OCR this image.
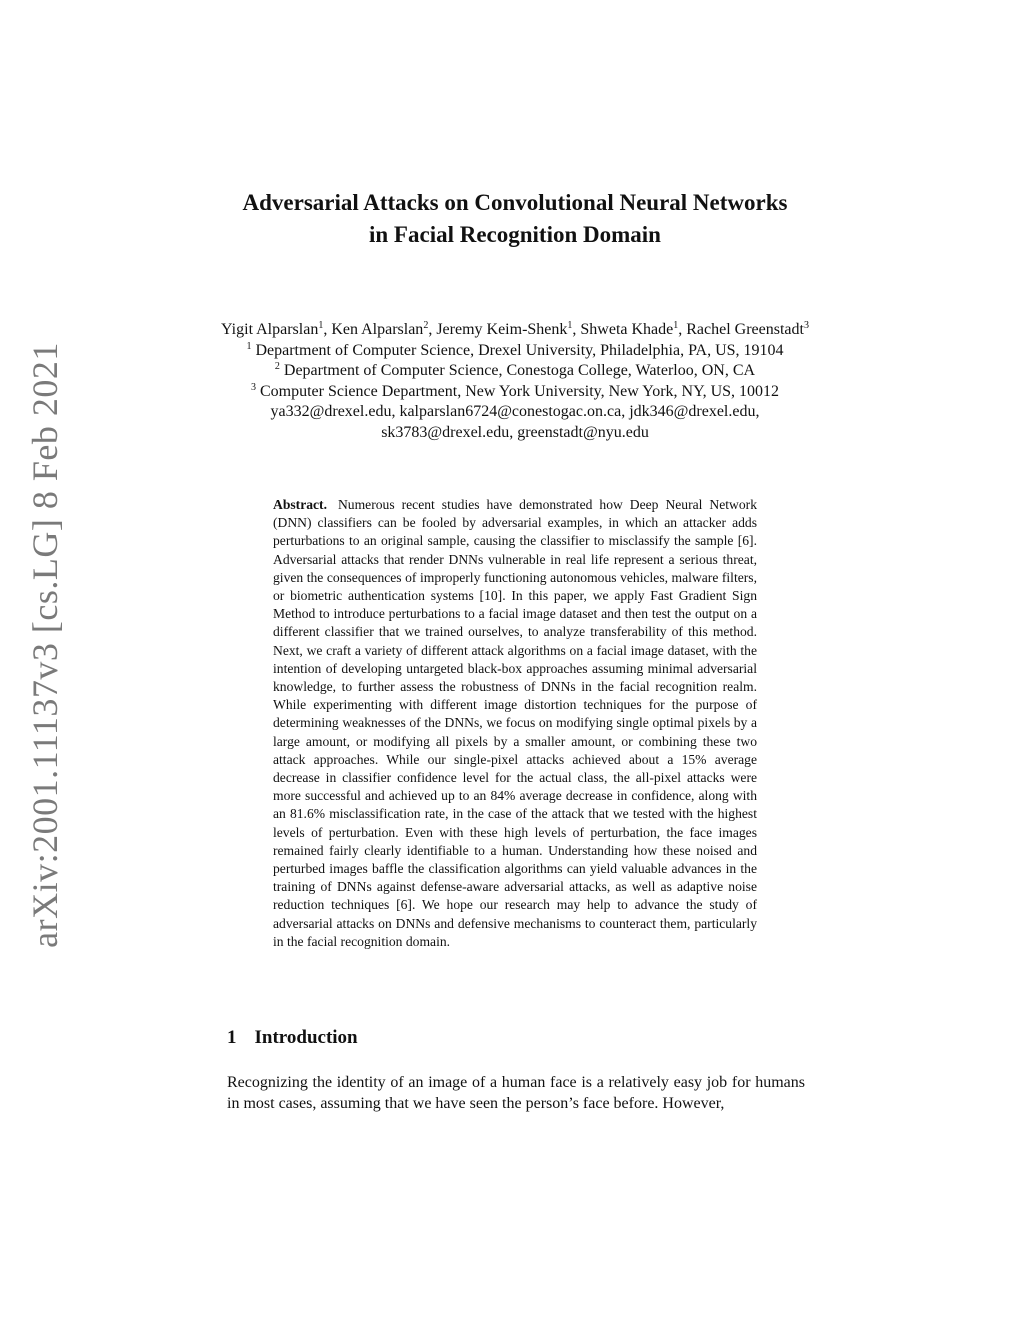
arXiv:2001.11137v3 [cs.LG] 8 Feb 2021
Adversarial Attacks on Convolutional Neural Networks
in Facial Recognition Domain
Yigit Alparslan$^1$, Ken Alparslan$^2$, Jeremy Keim-Shenk$^1$, Shweta Khade$^1$, Rachel Greenstadt$^3$
$^1$ Department of Computer Science, Drexel University, Philadelphia, PA, US, 19104
$^2$ Department of Computer Science, Conestoga College, Waterloo, ON, CA
$^3$ Computer Science Department, New York University, New York, NY, US, 10012
ya332@drexel.edu, kalparslan6724@conestogac.on.ca, jdk346@drexel.edu,
sk3783@drexel.edu, greenstadt@nyu.edu
Abstract. Numerous recent studies have demonstrated how Deep Neural Network (DNN) classifiers can be fooled by adversarial examples, in which an attacker adds perturbations to an original sample, causing the classifier to misclassify the sample [6]. Adversarial attacks that render DNNs vulnerable in real life represent a serious threat, given the consequences of improperly functioning autonomous vehicles, malware filters, or biometric authentication systems [10]. In this paper, we apply Fast Gradient Sign Method to introduce perturbations to a facial image dataset and then test the output on a different classifier that we trained ourselves, to analyze transferability of this method. Next, we craft a variety of different attack algorithms on a facial image dataset, with the intention of developing untargeted black-box approaches assuming minimal adversarial knowledge, to further assess the robustness of DNNs in the facial recognition realm. While experimenting with different image distortion techniques for the purpose of determining weaknesses of the DNNs, we focus on modifying single optimal pixels by a large amount, or modifying all pixels by a smaller amount, or combining these two attack approaches. While our single-pixel attacks achieved about a 15% average decrease in classifier confidence level for the actual class, the all-pixel attacks were more successful and achieved up to an 84% average decrease in confidence, along with an 81.6% misclassification rate, in the case of the attack that we tested with the highest levels of perturbation. Even with these high levels of perturbation, the face images remained fairly clearly identifiable to a human. Understanding how these noised and perturbed images baffle the classification algorithms can yield valuable advances in the training of DNNs against defense-aware adversarial attacks, as well as adaptive noise reduction techniques [6]. We hope our research may help to advance the study of adversarial attacks on DNNs and defensive mechanisms to counteract them, particularly in the facial recognition domain.
1 Introduction
Recognizing the identity of an image of a human face is a relatively easy job for humans in most cases, assuming that we have seen the person’s face before. However,
